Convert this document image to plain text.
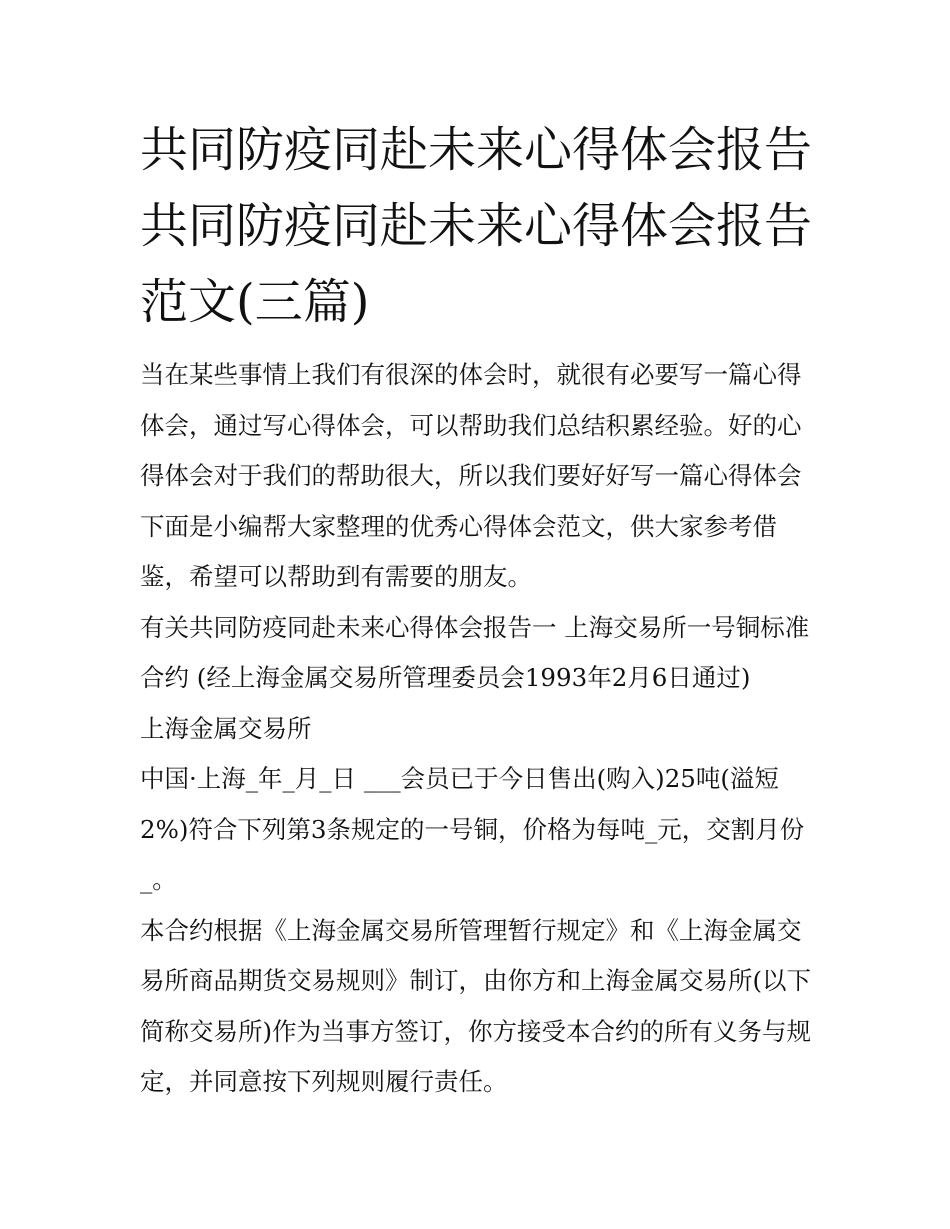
共同防疫同赴未来心得体会报告 共同防疫同赴未来心得体会报告范文(三篇)

当在某些事情上我们有很深的体会时，就很有必要写一篇心得体会，通过写心得体会，可以帮助我们总结积累经验。好的心得体会对于我们的帮助很大，所以我们要好好写一篇心得体会下面是小编帮大家整理的优秀心得体会范文，供大家参考借鉴，希望可以帮助到有需要的朋友。

有关共同防疫同赴未来心得体会报告一 上海交易所一号铜标准合约 (经上海金属交易所管理委员会1993年2月6日通过)

上海金属交易所

中国·上海_年_月_日 ___会员已于今日售出(购入)25吨(溢短2%)符合下列第3条规定的一号铜，价格为每吨_元，交割月份_。

本合约根据《上海金属交易所管理暂行规定》和《上海金属交易所商品期货交易规则》制订，由你方和上海金属交易所(以下简称交易所)作为当事方签订，你方接受本合约的所有义务与规定，并同意按下列规则履行责任。
